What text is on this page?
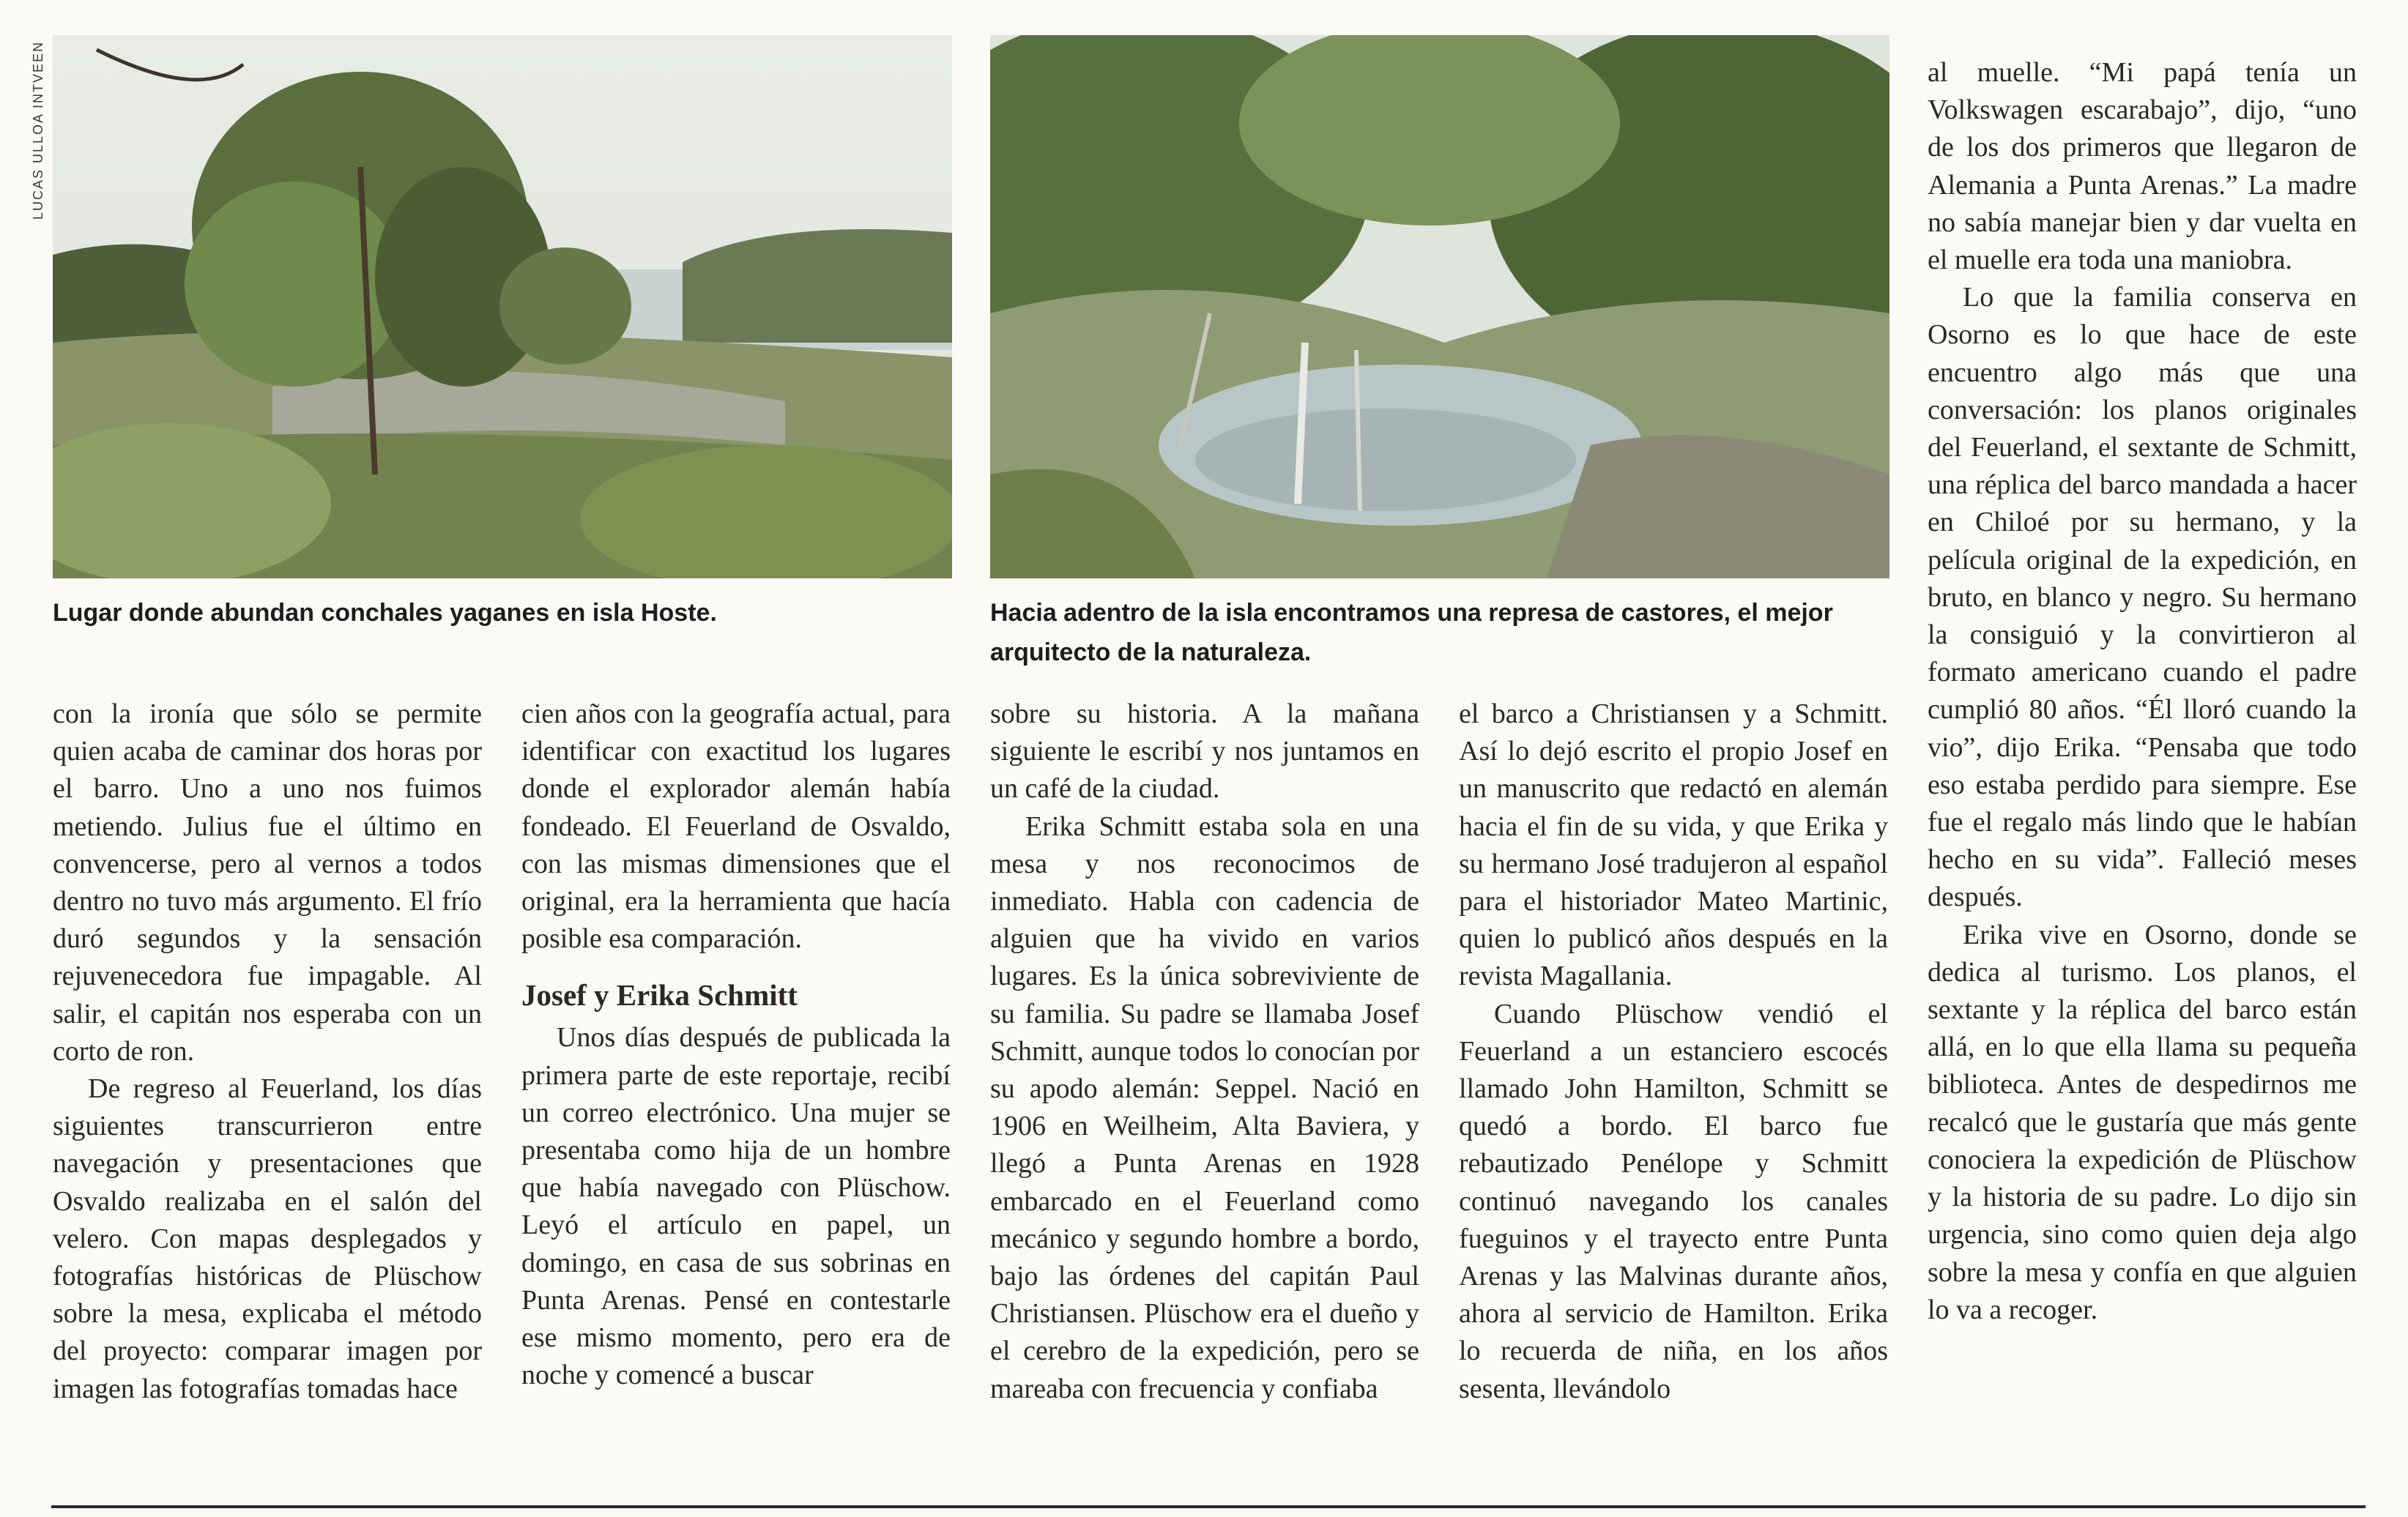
LUCAS ULLOA INTVEEN

Lugar donde abundan conchales yaganes en isla Hoste.	Hacia adentro de la isla encontramos una represa de castores, el mejor arquitecto de la naturaleza.

con la ironía que sólo se permite quien acaba de caminar dos horas por el barro. Uno a uno nos fuimos metiendo. Julius fue el último en convencerse, pero al vernos a todos dentro no tuvo más argumento. El frío duró segundos y la sensación rejuvenecedora fue impagable. Al salir, el capitán nos esperaba con un corto de ron.

De regreso al Feuerland, los días siguientes transcurrieron entre navegación y presentaciones que Osvaldo realizaba en el salón del velero. Con mapas desplegados y fotografías históricas de Plüschow sobre la mesa, explicaba el método del proyecto: comparar imagen por imagen las fotografías tomadas hace

cien años con la geografía actual, para identificar con exactitud los lugares donde el explorador alemán había fondeado. El Feuerland de Osvaldo, con las mismas dimensiones que el original, era la herramienta que hacía posible esa comparación.

Josef y Erika Schmitt

Unos días después de publicada la primera parte de este reportaje, recibí un correo electrónico. Una mujer se presentaba como hija de un hombre que había navegado con Plüschow. Leyó el artículo en papel, un domingo, en casa de sus sobrinas en Punta Arenas. Pensé en contestarle ese mismo momento, pero era de noche y comencé a buscar

sobre su historia. A la mañana siguiente le escribí y nos juntamos en un café de la ciudad.

Erika Schmitt estaba sola en una mesa y nos reconocimos de inmediato. Habla con cadencia de alguien que ha vivido en varios lugares. Es la única sobreviviente de su familia. Su padre se llamaba Josef Schmitt, aunque todos lo conocían por su apodo alemán: Seppel. Nació en 1906 en Weilheim, Alta Baviera, y llegó a Punta Arenas en 1928 embarcado en el Feuerland como mecánico y segundo hombre a bordo, bajo las órdenes del capitán Paul Christiansen. Plüschow era el dueño y el cerebro de la expedición, pero se mareaba con frecuencia y confiaba

el barco a Christiansen y a Schmitt. Así lo dejó escrito el propio Josef en un manuscrito que redactó en alemán hacia el fin de su vida, y que Erika y su hermano José tradujeron al español para el historiador Mateo Martinic, quien lo publicó años después en la revista Magallania.

Cuando Plüschow vendió el Feuerland a un estanciero escocés llamado John Hamilton, Schmitt se quedó a bordo. El barco fue rebautizado Penélope y Schmitt continuó navegando los canales fueguinos y el trayecto entre Punta Arenas y las Malvinas durante años, ahora al servicio de Hamilton. Erika lo recuerda de niña, en los años sesenta, llevándolo

al muelle. “Mi papá tenía un Volkswagen escarabajo”, dijo, “uno de los dos primeros que llegaron de Alemania a Punta Arenas.” La madre no sabía manejar bien y dar vuelta en el muelle era toda una maniobra.

Lo que la familia conserva en Osorno es lo que hace de este encuentro algo más que una conversación: los planos originales del Feuerland, el sextante de Schmitt, una réplica del barco mandada a hacer en Chiloé por su hermano, y la película original de la expedición, en bruto, en blanco y negro. Su hermano la consiguió y la convirtieron al formato americano cuando el padre cumplió 80 años. “Él lloró cuando la vio”, dijo Erika. “Pensaba que todo eso estaba perdido para siempre. Ese fue el regalo más lindo que le habían hecho en su vida”. Falleció meses después.

Erika vive en Osorno, donde se dedica al turismo. Los planos, el sextante y la réplica del barco están allá, en lo que ella llama su pequeña biblioteca. Antes de despedirnos me recalcó que le gustaría que más gente conociera la expedición de Plüschow y la historia de su padre. Lo dijo sin urgencia, sino como quien deja algo sobre la mesa y confía en que alguien lo va a recoger.
